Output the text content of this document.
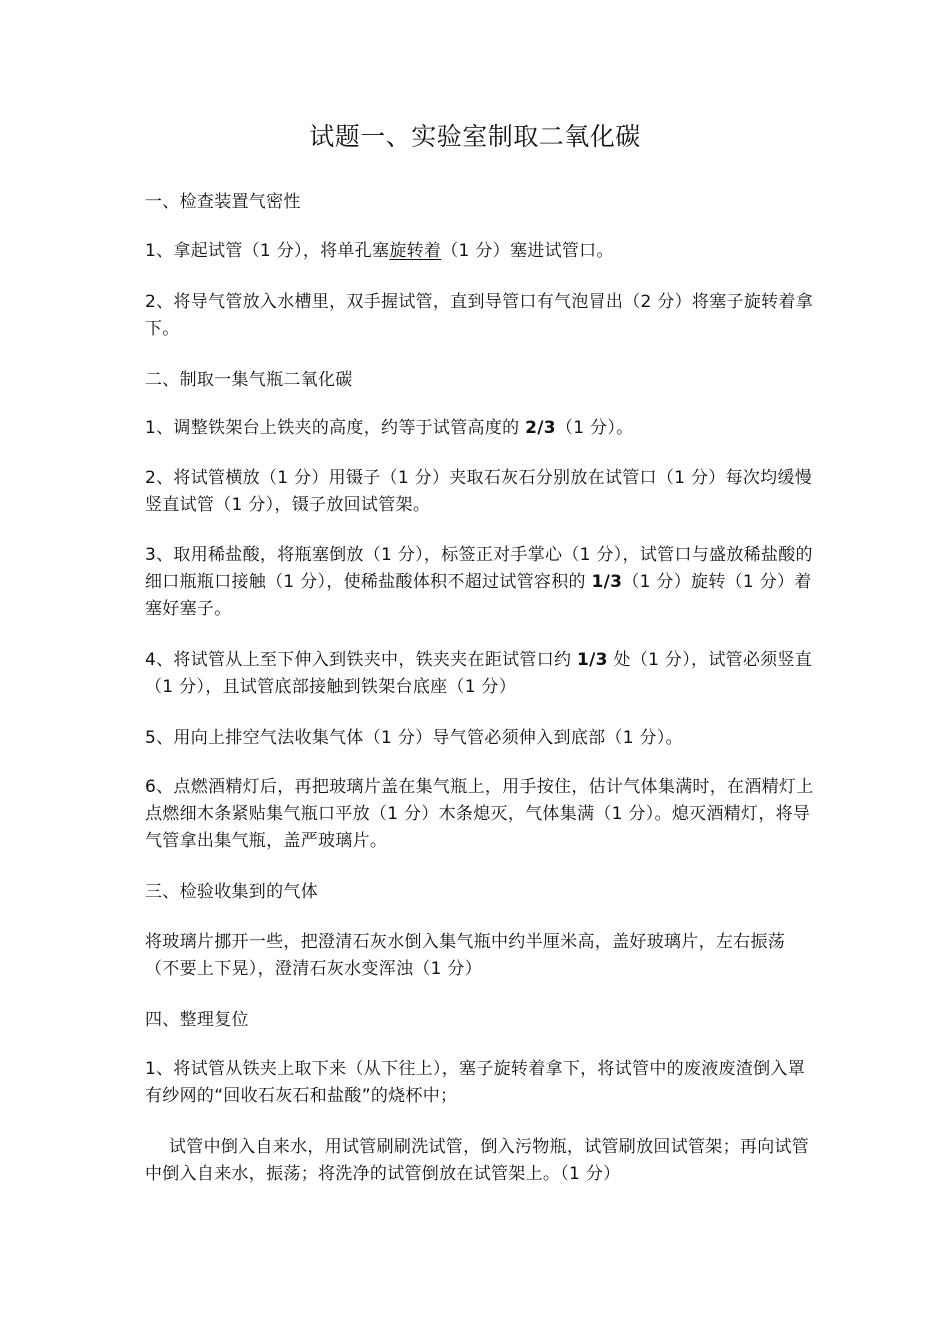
试题一、实验室制取二氧化碳
一、检查装置气密性
1、拿起试管（1 分），将单孔塞旋转着（1 分）塞进试管口。
2、将导气管放入水槽里，双手握试管，直到导管口有气泡冒出（2 分）将塞子旋转着拿下。
二、制取一集气瓶二氧化碳
1、调整铁架台上铁夹的高度，约等于试管高度的 2/3（1 分）。
2、将试管横放（1 分）用镊子（1 分）夹取石灰石分别放在试管口（1 分）每次均缓慢竖直试管（1 分），镊子放回试管架。
3、取用稀盐酸，将瓶塞倒放（1 分），标签正对手掌心（1 分），试管口与盛放稀盐酸的细口瓶瓶口接触（1 分），使稀盐酸体积不超过试管容积的 1/3（1 分）旋转（1 分）着塞好塞子。
4、将试管从上至下伸入到铁夹中，铁夹夹在距试管口约 1/3 处（1 分），试管必须竖直（1 分），且试管底部接触到铁架台底座（1 分）
5、用向上排空气法收集气体（1 分）导气管必须伸入到底部（1 分）。
6、点燃酒精灯后，再把玻璃片盖在集气瓶上，用手按住，估计气体集满时，在酒精灯上点燃细木条紧贴集气瓶口平放（1 分）木条熄灭，气体集满（1 分）。熄灭酒精灯，将导气管拿出集气瓶，盖严玻璃片。
三、检验收集到的气体
将玻璃片挪开一些，把澄清石灰水倒入集气瓶中约半厘米高，盖好玻璃片，左右振荡（不要上下晃），澄清石灰水变浑浊（1 分）
四、整理复位
1、将试管从铁夹上取下来（从下往上），塞子旋转着拿下，将试管中的废液废渣倒入罩有纱网的“回收石灰石和盐酸”的烧杯中；
试管中倒入自来水，用试管刷刷洗试管，倒入污物瓶，试管刷放回试管架；再向试管中倒入自来水，振荡；将洗净的试管倒放在试管架上。（1 分）
